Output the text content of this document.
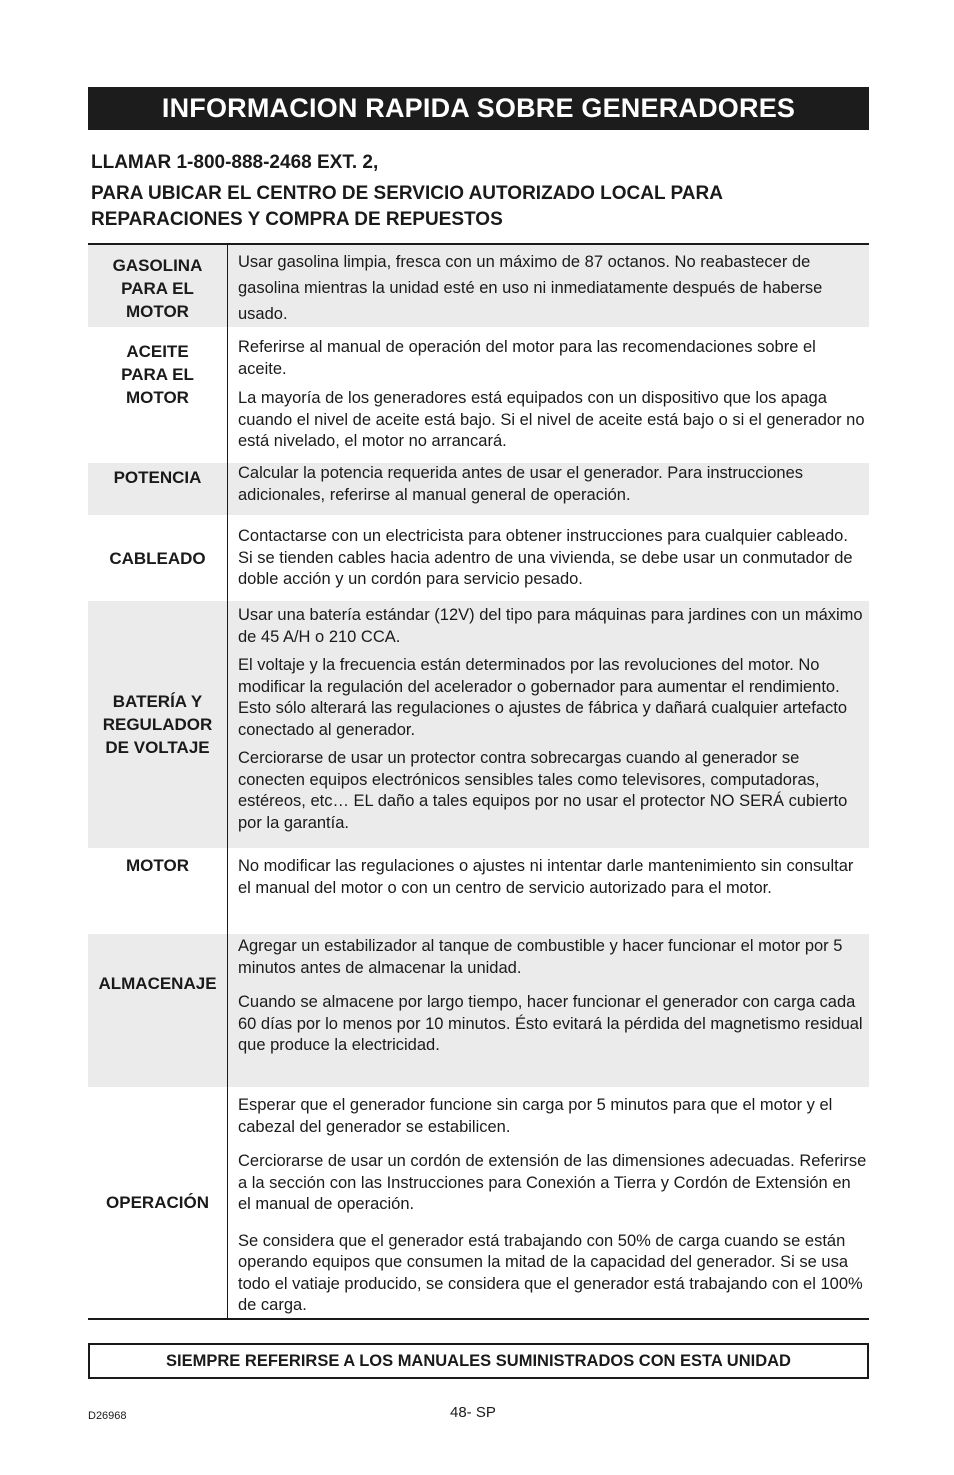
INFORMACION RAPIDA SOBRE GENERADORES

LLAMAR 1-800-888-2468 EXT. 2,

PARA UBICAR EL CENTRO DE SERVICIO AUTORIZADO LOCAL PARA REPARACIONES Y COMPRA DE REPUESTOS

GASOLINA
PARA EL
MOTOR

Usar gasolina limpia, fresca con un máximo de 87 octanos. No reabastecer de gasolina mientras la unidad esté en uso ni inmediatamente después de haberse usado.

ACEITE
PARA EL
MOTOR

Referirse al manual de operación del motor para las recomendaciones sobre el aceite.

La mayoría de los generadores está equipados con un dispositivo que los apaga cuando el nivel de aceite está bajo. Si el nivel de aceite está bajo o si el generador no está nivelado, el motor no arrancará.

POTENCIA Calcular la potencia requerida antes de usar el generador. Para instrucciones adicionales, referirse al manual general de operación.

CABLEADO

Contactarse con un electricista para obtener instrucciones para cualquier cableado. Si se tienden cables hacia adentro de una vivienda, se debe usar un conmutador de doble acción y un cordón para servicio pesado.

BATERÍA Y
REGULADOR
DE VOLTAJE

Usar una batería estándar (12V) del tipo para máquinas para jardines con un máximo de 45 A/H o 210 CCA.

El voltaje y la frecuencia están determinados por las revoluciones del motor. No modificar la regulación del acelerador o gobernador para aumentar el rendimiento. Esto sólo alterará las regulaciones o ajustes de fábrica y dañará cualquier artefacto conectado al generador.

Cerciorarse de usar un protector contra sobrecargas cuando al generador se conecten equipos electrónicos sensibles tales como televisores, computadoras, estéreos, etc… EL daño a tales equipos por no usar el protector NO SERÁ cubierto por la garantía.

MOTOR	No modificar las regulaciones o ajustes ni intentar darle mantenimiento sin consultar el manual del motor o con un centro de servicio autorizado para el motor.

ALMACENAJE

Agregar un estabilizador al tanque de combustible y hacer funcionar el motor por 5 minutos antes de almacenar la unidad.

Cuando se almacene por largo tiempo, hacer funcionar el generador con carga cada 60 días por lo menos por 10 minutos. Ésto evitará la pérdida del magnetismo residual que produce la electricidad.

OPERACIÓN

Esperar que el generador funcione sin carga por 5 minutos para que el motor y el cabezal del generador se estabilicen.

Cerciorarse de usar un cordón de extensión de las dimensiones adecuadas. Referirse a la sección con las Instrucciones para Conexión a Tierra y Cordón de Extensión en el manual de operación.

Se considera que el generador está trabajando con 50% de carga cuando se están operando equipos que consumen la mitad de la capacidad del generador. Si se usa todo el vatiaje producido, se considera que el generador está trabajando con el 100% de carga.

SIEMPRE REFERIRSE A LOS MANUALES SUMINISTRADOS CON ESTA UNIDAD
D26968	48- SP
